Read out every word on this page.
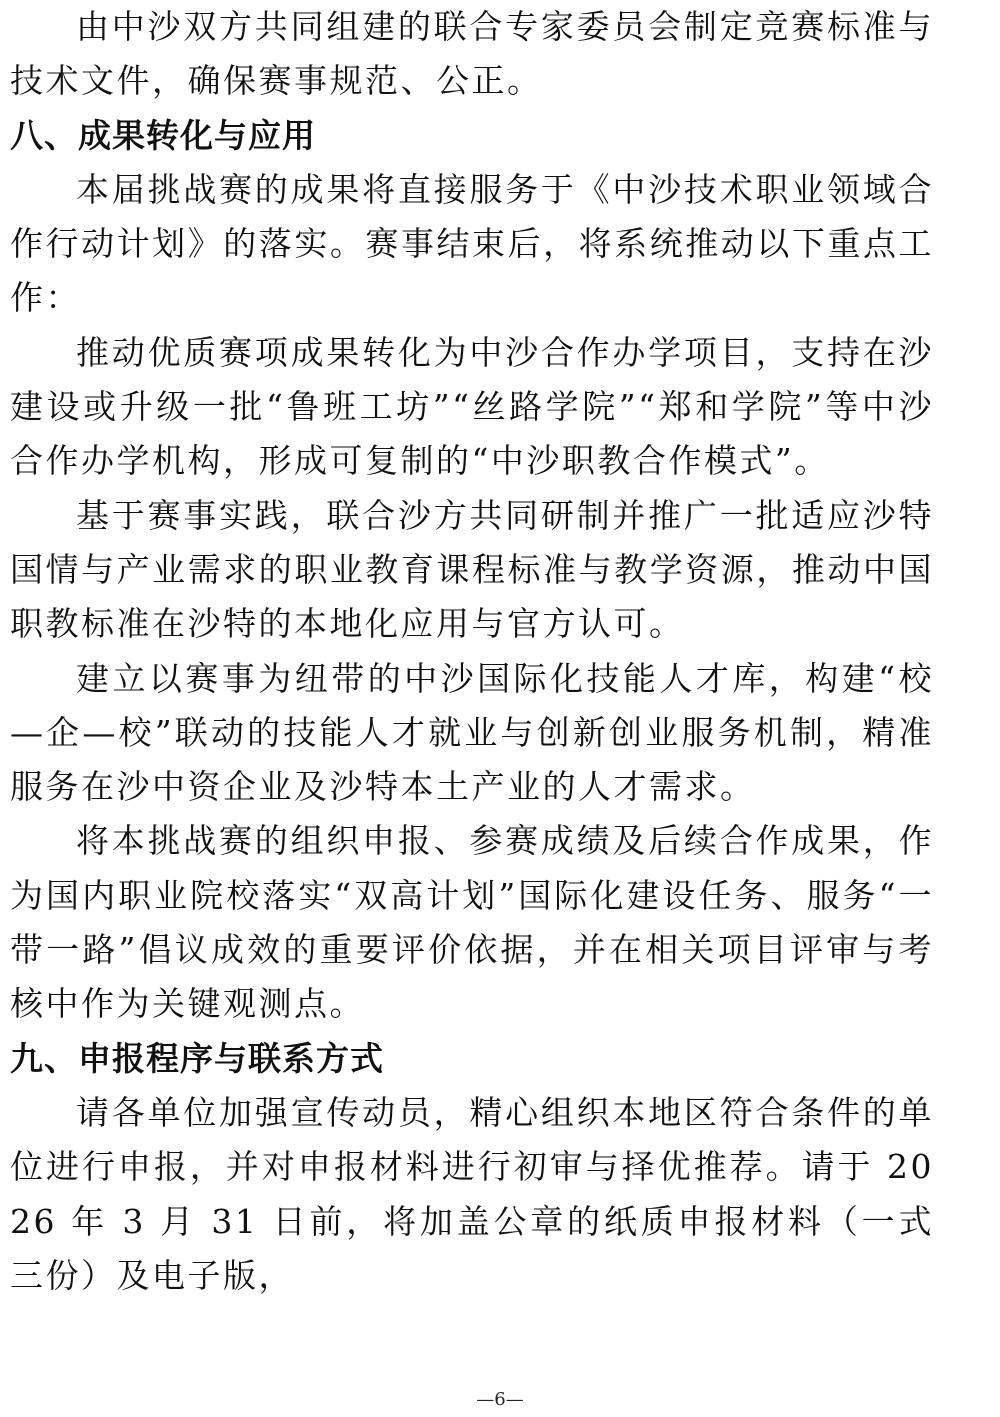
由中沙双方共同组建的联合专家委员会制定竞赛标准与技术文件，确保赛事规范、公正。

八、成果转化与应用

本届挑战赛的成果将直接服务于《中沙技术职业领域合作行动计划》的落实。赛事结束后，将系统推动以下重点工作：

推动优质赛项成果转化为中沙合作办学项目，支持在沙建设或升级一批“鲁班工坊”“丝路学院”“郑和学院”等中沙合作办学机构，形成可复制的“中沙职教合作模式”。

基于赛事实践，联合沙方共同研制并推广一批适应沙特国情与产业需求的职业教育课程标准与教学资源，推动中国职教标准在沙特的本地化应用与官方认可。

建立以赛事为纽带的中沙国际化技能人才库，构建“校—企—校”联动的技能人才就业与创新创业服务机制，精准服务在沙中资企业及沙特本土产业的人才需求。

将本挑战赛的组织申报、参赛成绩及后续合作成果，作为国内职业院校落实“双高计划”国际化建设任务、服务“一带一路”倡议成效的重要评价依据，并在相关项目评审与考核中作为关键观测点。

九、申报程序与联系方式

请各单位加强宣传动员，精心组织本地区符合条件的单位进行申报，并对申报材料进行初审与择优推荐。请于 2026 年 3 月 31 日前，将加盖公章的纸质申报材料（一式三份）及电子版，

—6—
